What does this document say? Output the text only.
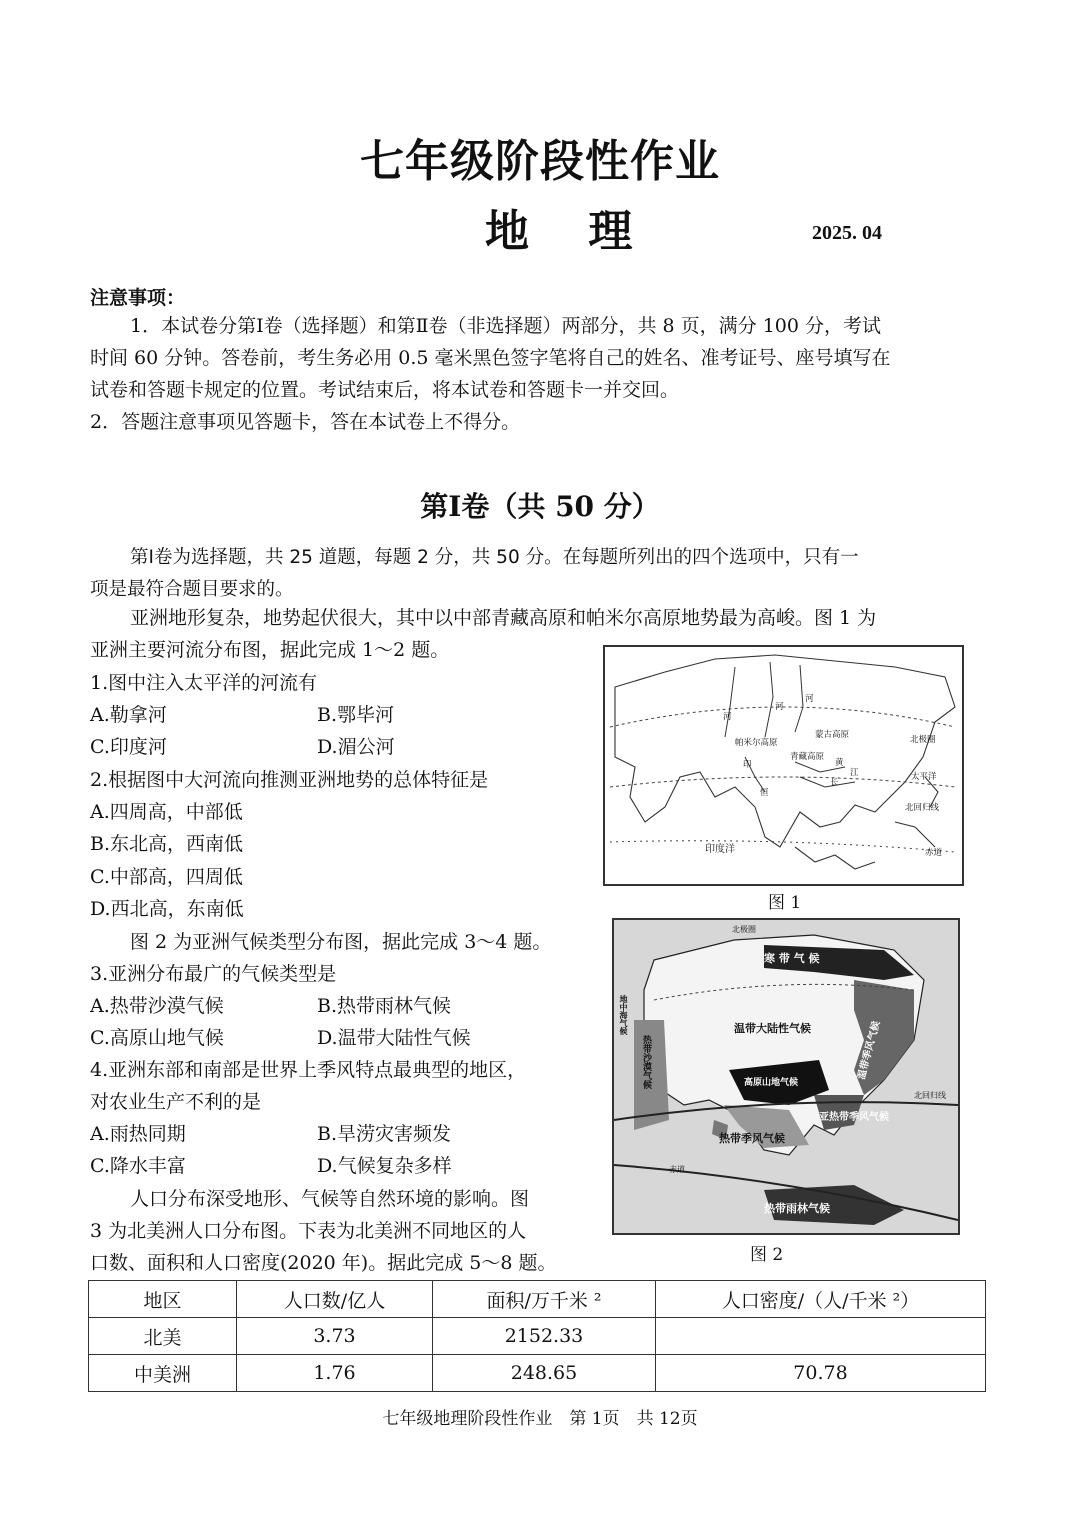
七年级阶段性作业
地 理	2025. 04
注意事项：
1．本试卷分第Ⅰ卷（选择题）和第Ⅱ卷（非选择题）两部分，共 8 页，满分 100 分，考试
时间 60 分钟。答卷前，考生务必用 0.5 毫米黑色签字笔将自己的姓名、准考证号、座号填写在
试卷和答题卡规定的位置。考试结束后，将本试卷和答题卡一并交回。
2．答题注意事项见答题卡，答在本试卷上不得分。
第Ⅰ卷（共 50 分）
第Ⅰ卷为选择题，共 25 道题，每题 2 分，共 50 分。在每题所列出的四个选项中，只有一
项是最符合题目要求的。
亚洲地形复杂，地势起伏很大，其中以中部青藏高原和帕米尔高原地势最为高峻。图 1 为
亚洲主要河流分布图，据此完成 1～2 题。
1.图中注入太平洋的河流有
A.勒拿河	B.鄂毕河
C.印度河	D.湄公河
2.根据图中大河流向推测亚洲地势的总体特征是
A.四周高，中部低
B.东北高，西南低
C.中部高，四周低
D.西北高，东南低
图 2 为亚洲气候类型分布图，据此完成 3～4 题。
3.亚洲分布最广的气候类型是
A.热带沙漠气候	B.热带雨林气候
C.高原山地气候	D.温带大陆性气候
4.亚洲东部和南部是世界上季风特点最典型的地区，
对农业生产不利的是
A.雨热同期	B.旱涝灾害频发
C.降水丰富	D.气候复杂多样
人口分布深受地形、气候等自然环境的影响。图
3 为北美洲人口分布图。下表为北美洲不同地区的人
口数、面积和人口密度(2020 年)。据此完成 5～8 题。
帕米尔高原
青藏高原
蒙古高原
太平洋
印度洋
北极圈
北回归线
赤道
河
河
河
恒
长
黄
江
印
图 1
寒 带 气 候
温带大陆性气候	温带季风气候
亚热带季风气候
热带季风气候
热带雨林气候
高原山地气候
热带沙漠气候
地中海气候
北极圈
北回归线
赤道
图 2
地区	人口数/亿人	面积/万千米 ²	人口密度/（人/千米 ²）
北美	3.73	2152.33	
中美洲	1.76	248.65	70.78
七年级地理阶段性作业　第 1页　共 12页
